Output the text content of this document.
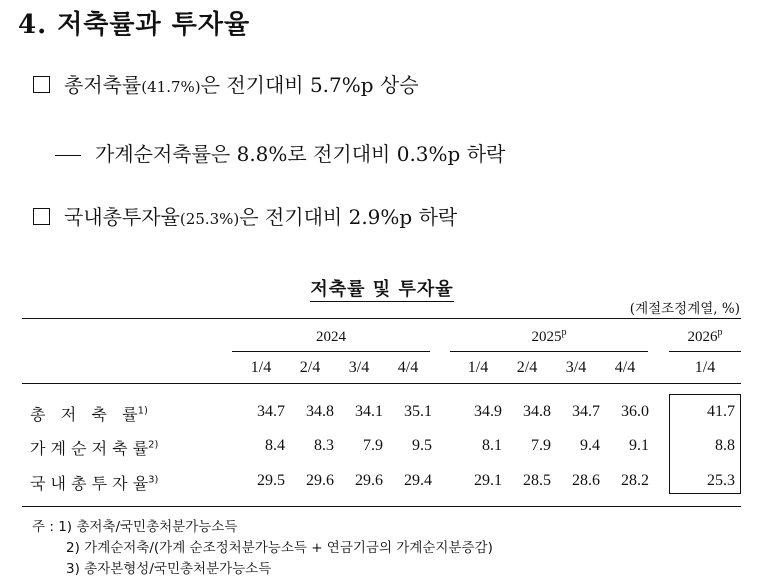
4. 저축률과 투자율
총저축률(41.7%)은 전기대비 5.7%p 상승
가계순저축률은 8.8%로 전기대비 0.3%p 하락
국내총투자율(25.3%)은 전기대비 2.9%p 하락
저축률 및 투자율
(계절조정계열, %)
2024	2025$^p$	2026$^p$
1/4	2/4	3/4	4/4	1/4	2/4	3/4	4/4	1/4
총   저   축   률$^{1)}$	34.7	34.8	34.1	35.1	34.9	34.8	34.7	36.0	41.7
가 계 순 저 축 률$^{2)}$	8.4	8.3	7.9	9.5	8.1	7.9	9.4	9.1	8.8
국 내 총 투 자 율$^{3)}$	29.5	29.6	29.6	29.4	29.1	28.5	28.6	28.2	25.3
주 : 1) 총저축/국민총처분가능소득
2) 가계순저축/(가계 순조정처분가능소득 + 연금기금의 가계순지분증감)
3) 총자본형성/국민총처분가능소득
